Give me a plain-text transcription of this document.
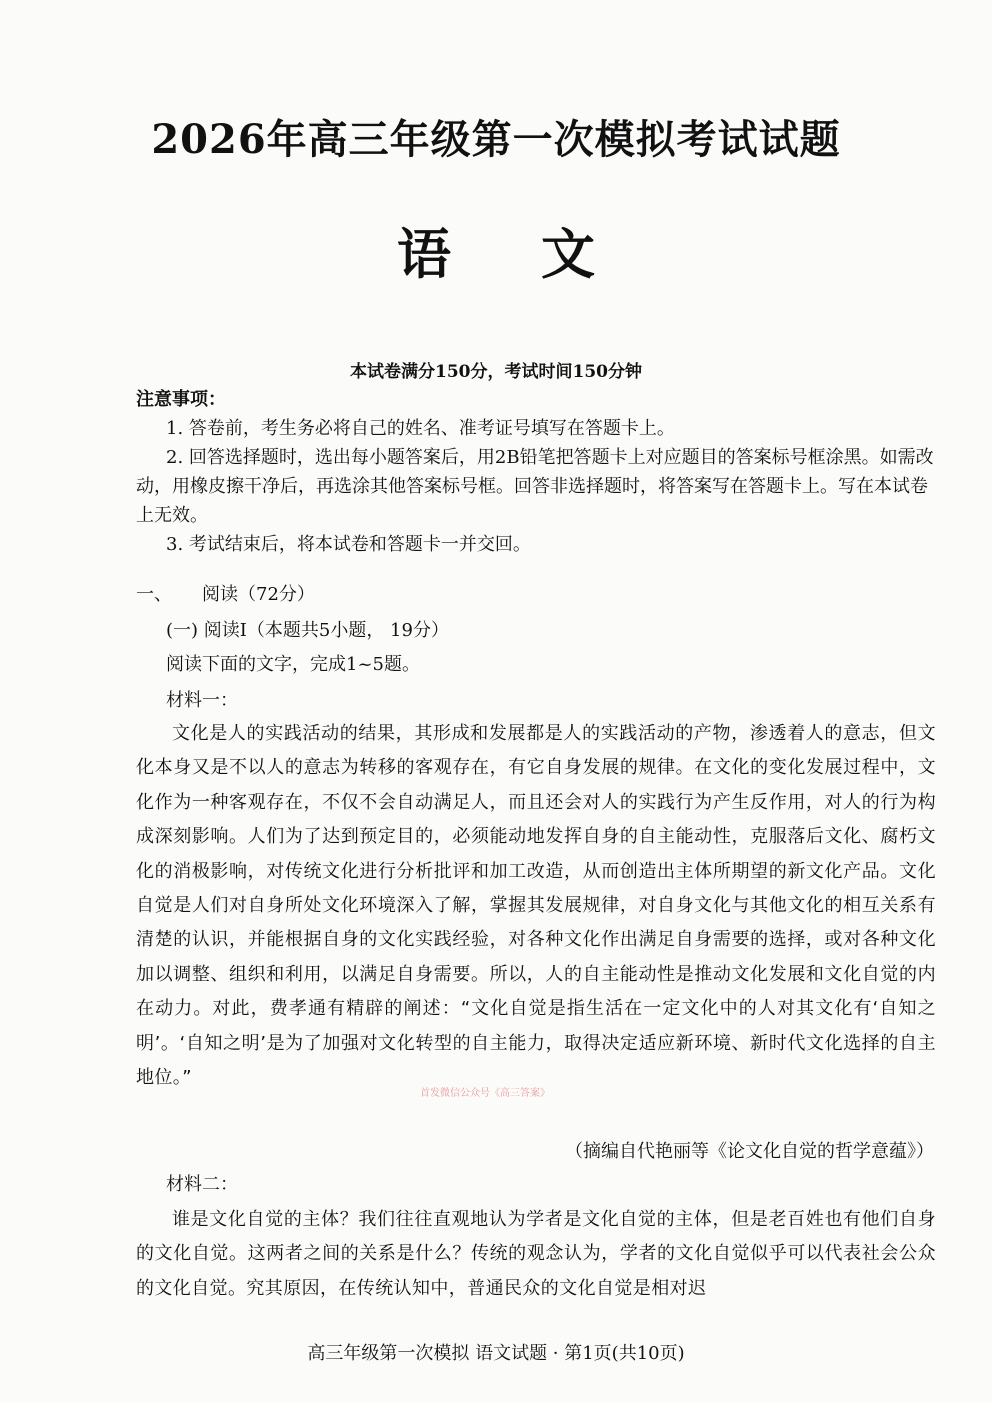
2026年高三年级第一次模拟考试试题
语文
本试卷满分150分，考试时间150分钟
注意事项：
1. 答卷前，考生务必将自己的姓名、准考证号填写在答题卡上。
2. 回答选择题时，选出每小题答案后，用2B铅笔把答题卡上对应题目的答案标号框涂黑。如需改动，用橡皮擦干净后，再选涂其他答案标号框。回答非选择题时，将答案写在答题卡上。写在本试卷上无效。
3. 考试结束后，将本试卷和答题卡一并交回。
一、 阅读（72分）
(一) 阅读Ⅰ（本题共5小题， 19分）
阅读下面的文字，完成1~5题。
材料一：
文化是人的实践活动的结果，其形成和发展都是人的实践活动的产物，渗透着人的意志，但文化本身又是不以人的意志为转移的客观存在，有它自身发展的规律。在文化的变化发展过程中，文化作为一种客观存在，不仅不会自动满足人，而且还会对人的实践行为产生反作用，对人的行为构成深刻影响。人们为了达到预定目的，必须能动地发挥自身的自主能动性，克服落后文化、腐朽文化的消极影响，对传统文化进行分析批评和加工改造，从而创造出主体所期望的新文化产品。文化自觉是人们对自身所处文化环境深入了解，掌握其发展规律，对自身文化与其他文化的相互关系有清楚的认识，并能根据自身的文化实践经验，对各种文化作出满足自身需要的选择，或对各种文化加以调整、组织和利用，以满足自身需要。所以，人的自主能动性是推动文化发展和文化自觉的内在动力。对此，费孝通有精辟的阐述：“文化自觉是指生活在一定文化中的人对其文化有‘自知之明’。‘自知之明’是为了加强对文化转型的自主能力，取得决定适应新环境、新时代文化选择的自主地位。”
首发微信公众号《高三答案》
（摘编自代艳丽等《论文化自觉的哲学意蕴》）
材料二：
谁是文化自觉的主体？我们往往直观地认为学者是文化自觉的主体，但是老百姓也有他们自身的文化自觉。这两者之间的关系是什么？传统的观念认为，学者的文化自觉似乎可以代表社会公众的文化自觉。究其原因，在传统认知中，普通民众的文化自觉是相对迟
高三年级第一次模拟 语文试题 · 第1页(共10页)
